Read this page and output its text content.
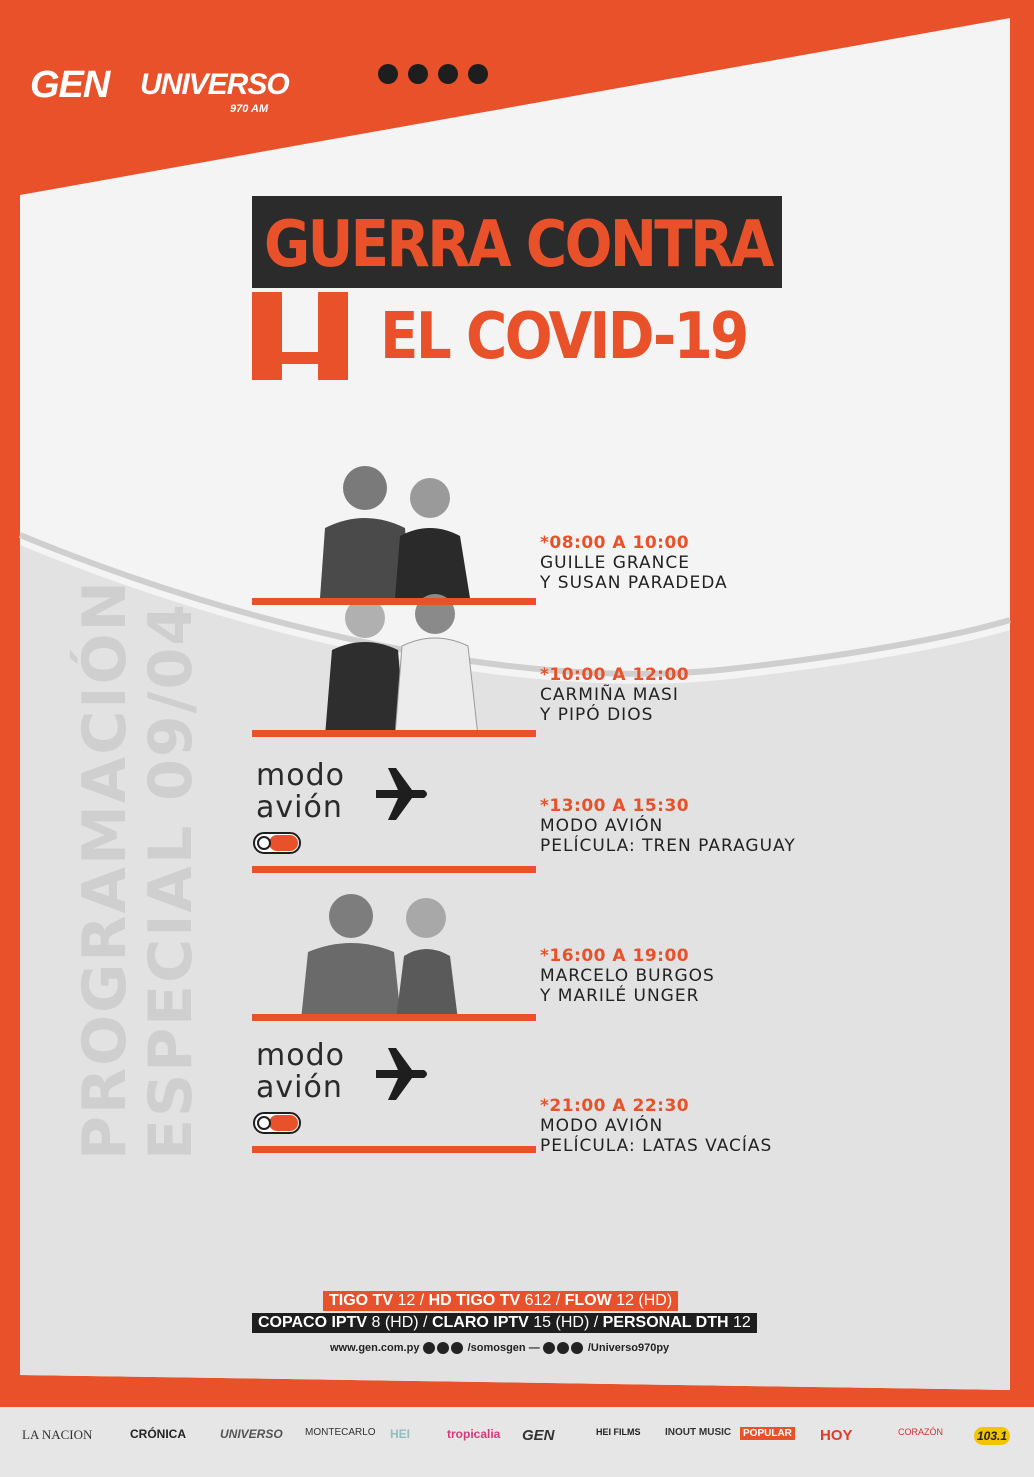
GEN UNIVERSO
970 AM
GUERRA CONTRA
EL COVID-19
PROGRAMACIÓN
ESPECIAL 09/04 modo
avión
modo
avión
*08:00 A 10:00
GUILLE GRANCE
Y SUSAN PARADEDA
*10:00 A 12:00
CARMIÑA MASI
Y PIPÓ DIOS
*13:00 A 15:30
MODO AVIÓN
PELÍCULA: TREN PARAGUAY
*16:00 A 19:00
MARCELO BURGOS
Y MARILÉ UNGER
*21:00 A 22:30
MODO AVIÓN
PELÍCULA: LATAS VACÍAS
TIGO TV 12 / HD TIGO TV 612 / FLOW 12 (HD)
COPACO IPTV 8 (HD) / CLARO IPTV 15 (HD) / PERSONAL DTH 12
www.gen.com.py	/somosgen —	/Universo970py
LA NACION	CRÓNICA	UNIVERSO MONTECARLO HEI	tropicalia GEN	HEI FILMS INOUT MUSIC	POPULAR HOY	CORAZÓN	103.1
